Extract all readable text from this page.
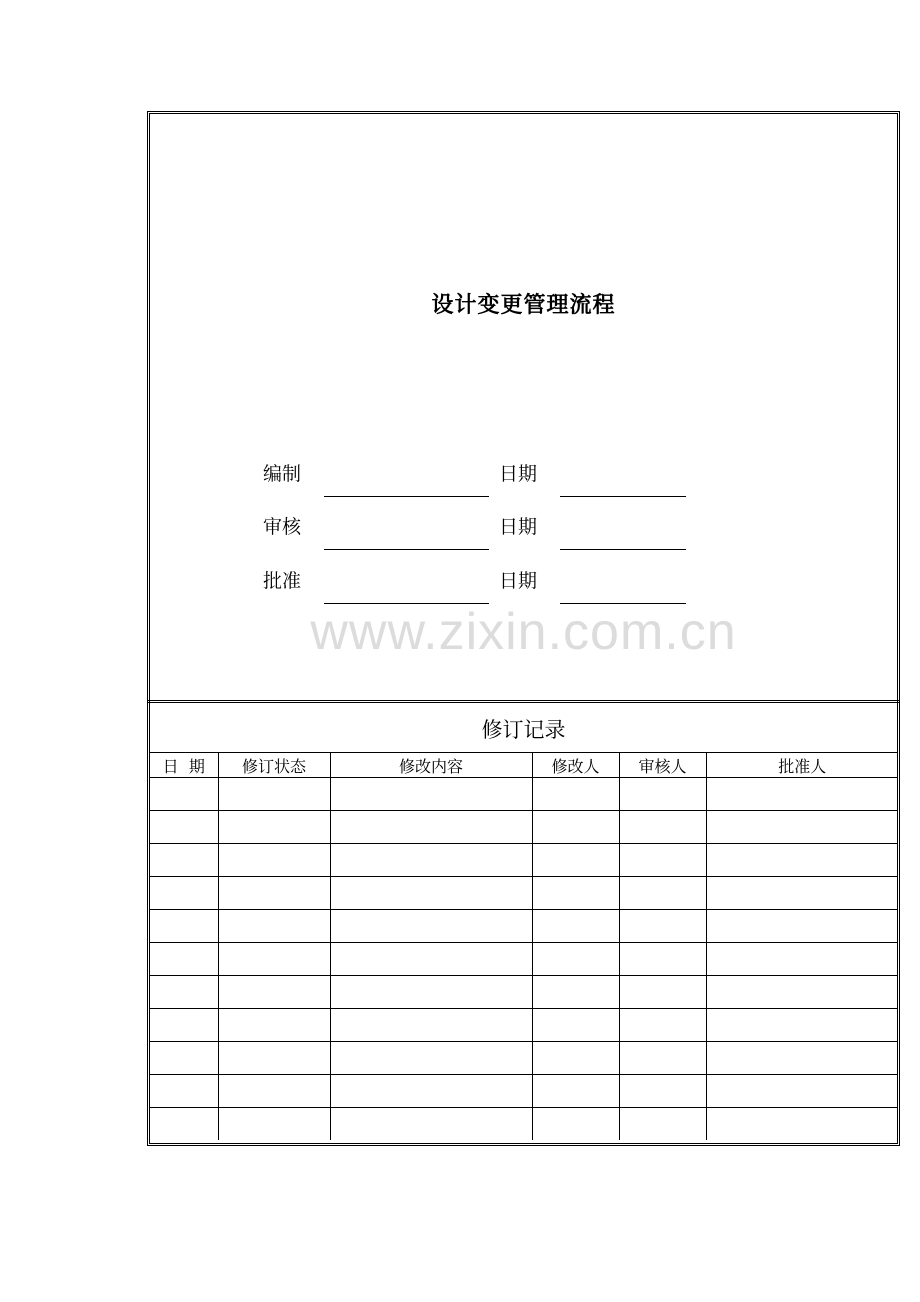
设计变更管理流程
编制	日期
审核	日期
批准	日期
www.zixin.com.cn
修订记录
日  期	修订状态	修改内容	修改人	审核人	批准人
